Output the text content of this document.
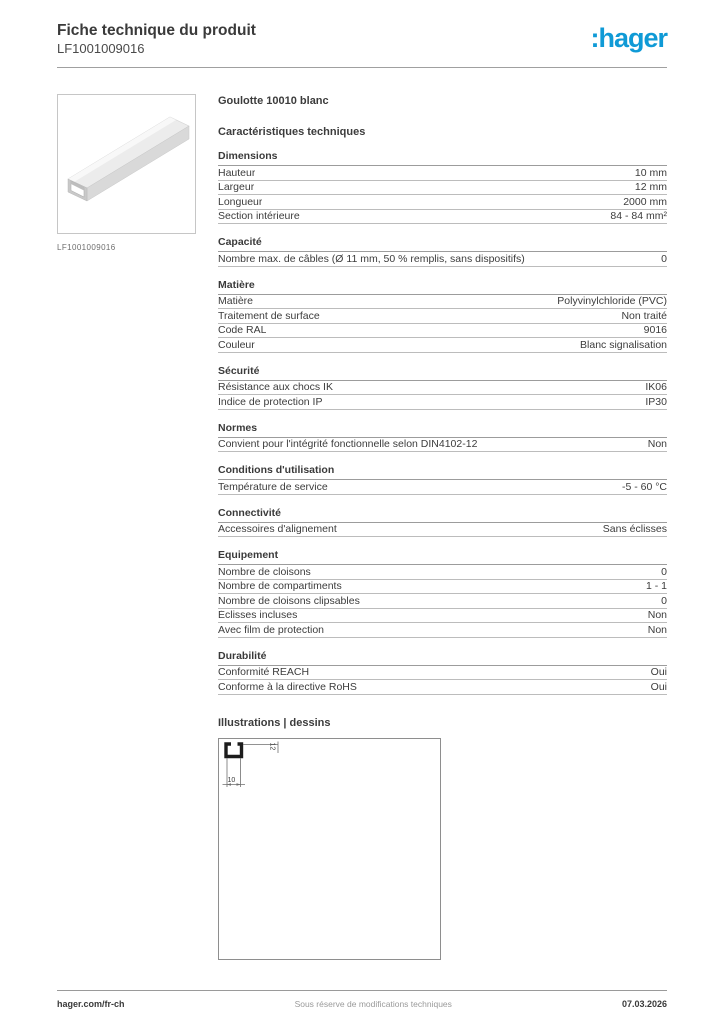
Fiche technique du produit
LF1001009016	:hager
LF1001009016
Goulotte 10010 blanc
Caractéristiques techniques
Dimensions
Hauteur	10 mm
Largeur	12 mm
Longueur	2000 mm
Section intérieure	84 - 84 mm²
Capacité
Nombre max. de câbles (Ø 11 mm, 50 % remplis, sans dispositifs)	0
Matière
Matière	Polyvinylchloride (PVC)
Traitement de surface	Non traité
Code RAL	9016
Couleur	Blanc signalisation
Sécurité
Résistance aux chocs IK	IK06
Indice de protection IP	IP30
Normes
Convient pour l'intégrité fonctionnelle selon DIN4102-12	Non
Conditions d'utilisation
Température de service	-5 - 60 °C
Connectivité
Accessoires d'alignement	Sans éclisses
Equipement
Nombre de cloisons	0
Nombre de compartiments	1 - 1
Nombre de cloisons clipsables	0
Éclisses incluses	Non
Avec film de protection	Non
Durabilité
Conformité REACH	Oui
Conforme à la directive RoHS	Oui
Illustrations | dessins
12
10
hager.com/fr-ch	Sous réserve de modifications techniques	07.03.2026
